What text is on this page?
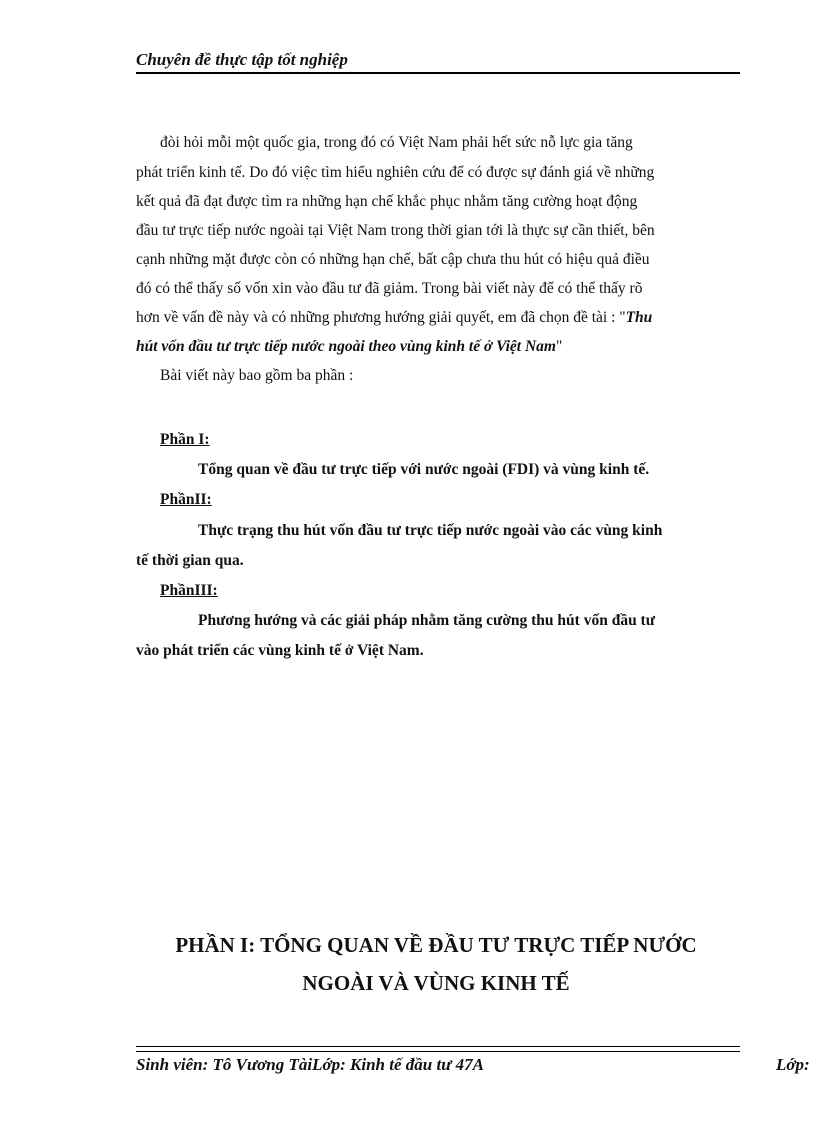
Chuyên đề thực tập tốt nghiệp
đòi hỏi mỗi một quốc gia, trong đó có Việt Nam phải hết sức nỗ lực gia tăng
phát triển kinh tế. Do đó việc tìm hiểu nghiên cứu để có được sự đánh giá về những
kết quả đã đạt được tìm ra những hạn chế khắc phục nhằm tăng cường hoạt động
đầu tư trực tiếp nước ngoài tại Việt Nam trong thời gian tới là thực sự cần thiết, bên
cạnh những mặt được còn có những hạn chế, bất cập chưa thu hút có hiệu quả điều
đó có thể thấy số vốn xin vào đầu tư đã giảm. Trong bài viết này để có thể thấy rõ
hơn về vấn đề này và có những phương hướng giải quyết, em đã chọn đề tài : "Thu
hút vốn đầu tư trực tiếp nước ngoài theo vùng kinh tế ở Việt Nam"
Bài viết này bao gồm ba phần :
Phần I:
Tổng quan về đầu tư trực tiếp với nước ngoài (FDI) và vùng kinh tế.
PhầnII:
Thực trạng thu hút vốn đầu tư trực tiếp nước ngoài vào các vùng kinh
tế thời gian qua.
PhầnIII:
Phương hướng và các giải pháp nhằm tăng cường thu hút vốn đầu tư
vào phát triển các vùng kinh tế ở Việt Nam.
PHẦN I: TỔNG QUAN VỀ ĐẦU TƯ TRỰC TIẾP NƯỚC
NGOÀI VÀ VÙNG KINH TẾ
Sinh viên: Tô Vương TàiLớp: Kinh tế đầu tư 47A	Lớp:
